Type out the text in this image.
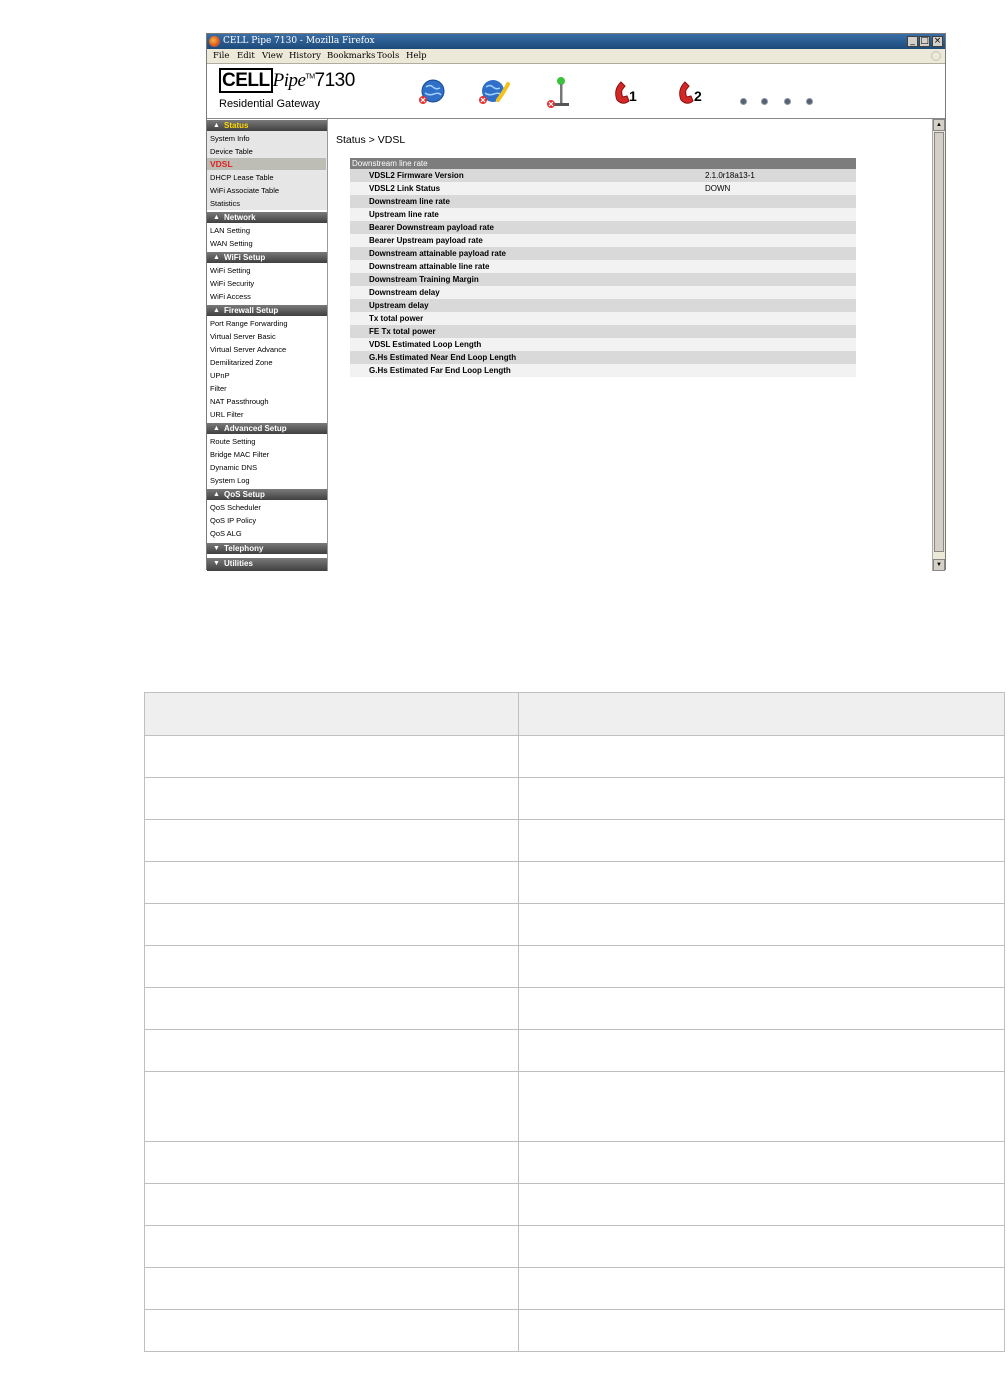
CELL Pipe 7130 - Mozilla Firefox	_ □ ×
File Edit View History Bookmarks Tools Help
CELL Pipe™7130
Residential Gateway	1	2
▲ Status
System Info
Device Table
VDSL
DHCP Lease Table
WiFi Associate Table
Statistics
▲ Network
LAN Setting
WAN Setting
▲ WiFi Setup
WiFi Setting
WiFi Security
WiFi Access
▲ Firewall Setup
Port Range Forwarding
Virtual Server Basic
Virtual Server Advance
Demilitarized Zone
UPnP
Filter
NAT Passthrough
URL Filter
▲ Advanced Setup
Route Setting
Bridge MAC Filter
Dynamic DNS
System Log
▲ QoS Setup
QoS Scheduler
QoS IP Policy
QoS ALG
▼ Telephony
▼ Utilities
Status > VDSL
Downstream line rate
VDSL2 Firmware Version	2.1.0r18a13-1
VDSL2 Link Status	DOWN
Downstream line rate
Upstream line rate
Bearer Downstream payload rate
Bearer Upstream payload rate
Downstream attainable payload rate
Downstream attainable line rate
Downstream Training Margin
Downstream delay
Upstream delay
Tx total power
FE Tx total power
VDSL Estimated Loop Length
G.Hs Estimated Near End Loop Length
G.Hs Estimated Far End Loop Length
▲
▼
